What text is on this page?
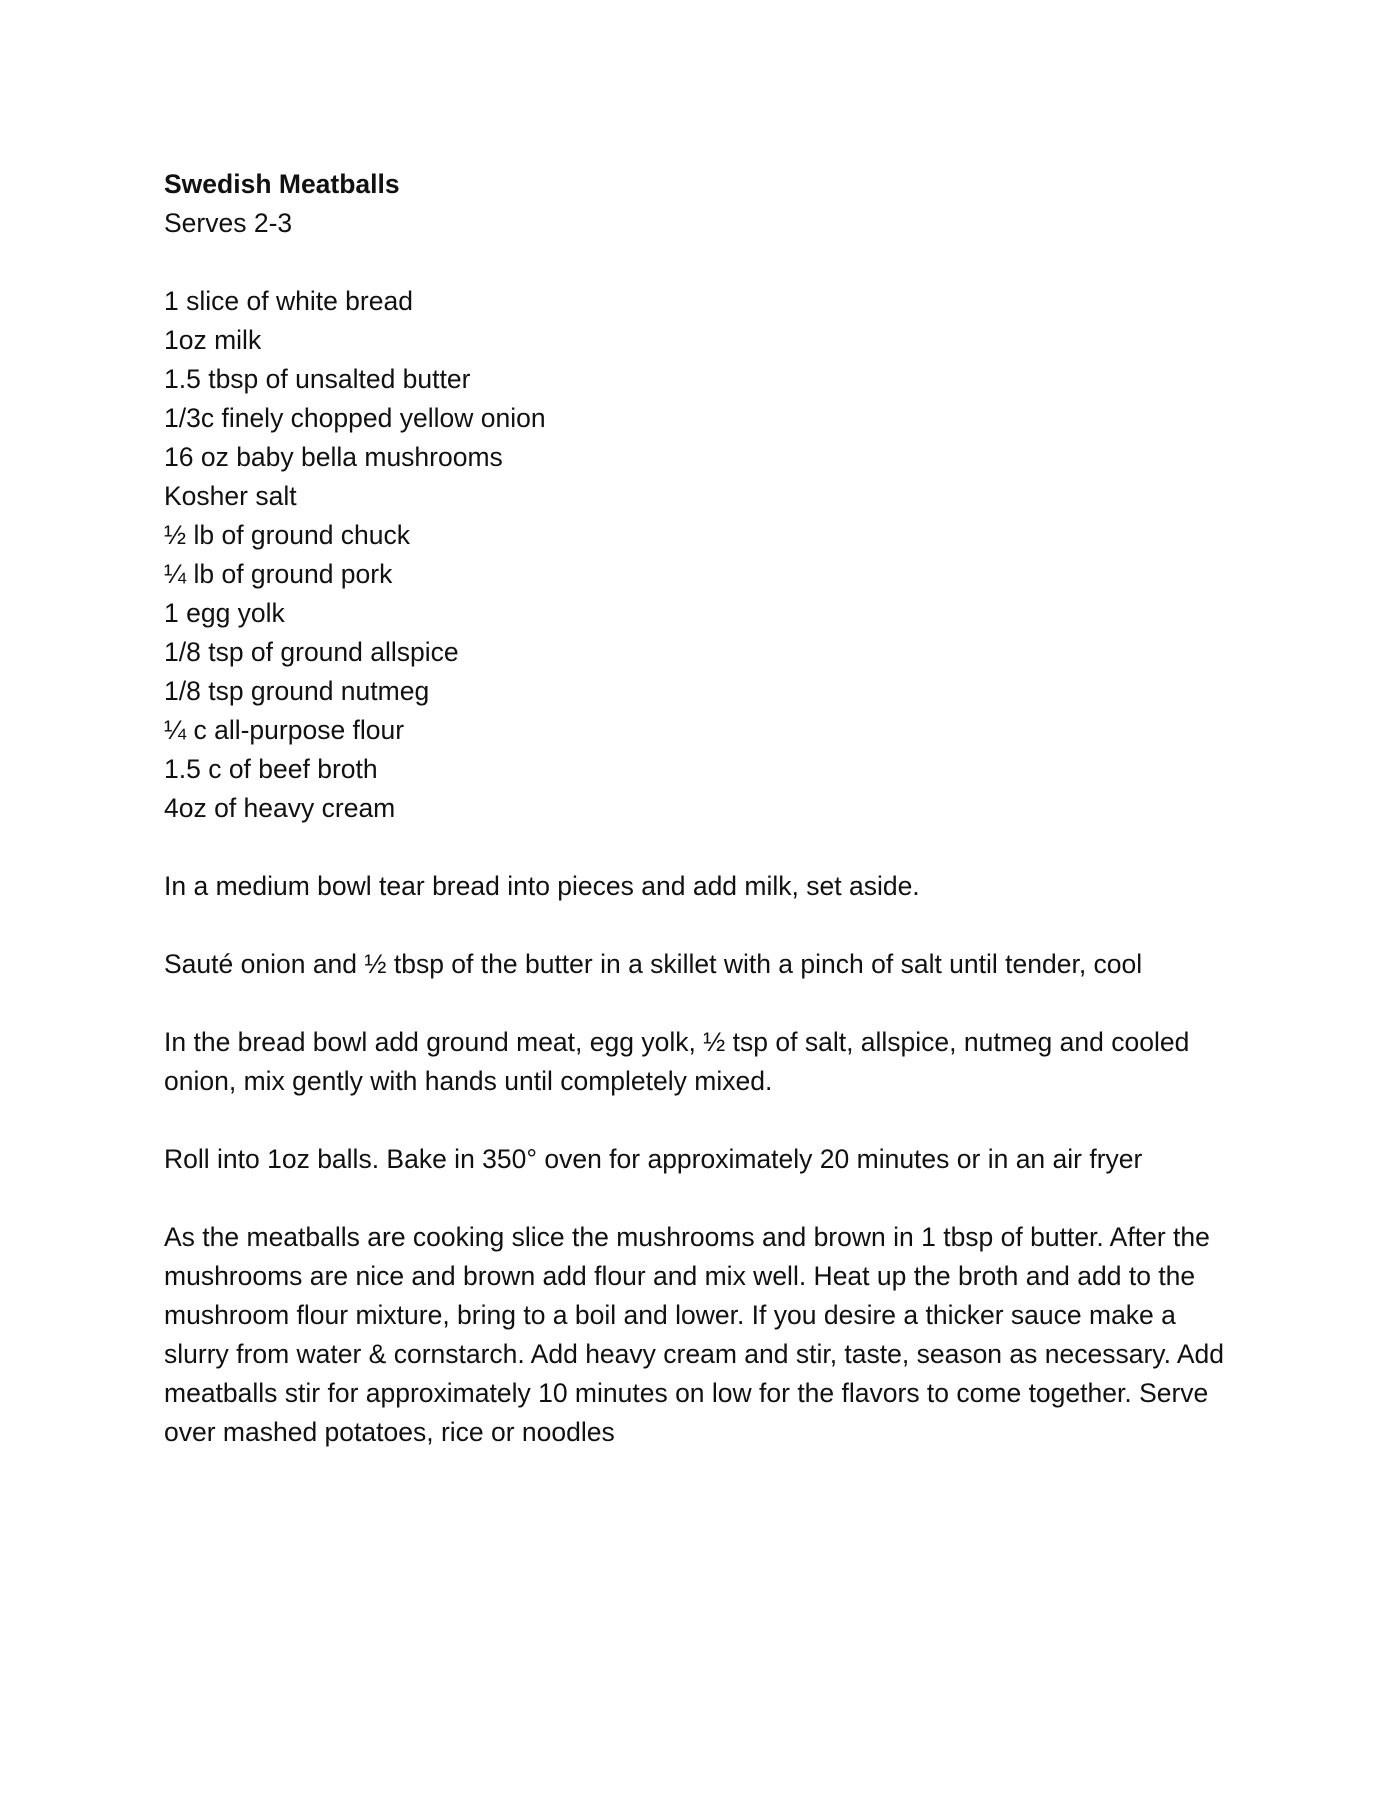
Swedish Meatballs

Serves 2-3

1 slice of white bread
1oz milk
1.5 tbsp of unsalted butter
1/3c finely chopped yellow onion
16 oz baby bella mushrooms
Kosher salt
½ lb of ground chuck
¼ lb of ground pork
1 egg yolk
1/8 tsp of ground allspice
1/8 tsp ground nutmeg
¼ c all-purpose flour
1.5 c of beef broth
4oz of heavy cream

In a medium bowl tear bread into pieces and add milk, set aside.

Sauté onion and ½ tbsp of the butter in a skillet with a pinch of salt until tender, cool

In the bread bowl add ground meat, egg yolk, ½ tsp of salt, allspice, nutmeg and cooled onion, mix gently with hands until completely mixed.

Roll into 1oz balls. Bake in 350° oven for approximately 20 minutes or in an air fryer

As the meatballs are cooking slice the mushrooms and brown in 1 tbsp of butter. After the mushrooms are nice and brown add flour and mix well. Heat up the broth and add to the mushroom flour mixture, bring to a boil and lower. If you desire a thicker sauce make a slurry from water & cornstarch. Add heavy cream and stir, taste, season as necessary. Add meatballs stir for approximately 10 minutes on low for the flavors to come together. Serve over mashed potatoes, rice or noodles
